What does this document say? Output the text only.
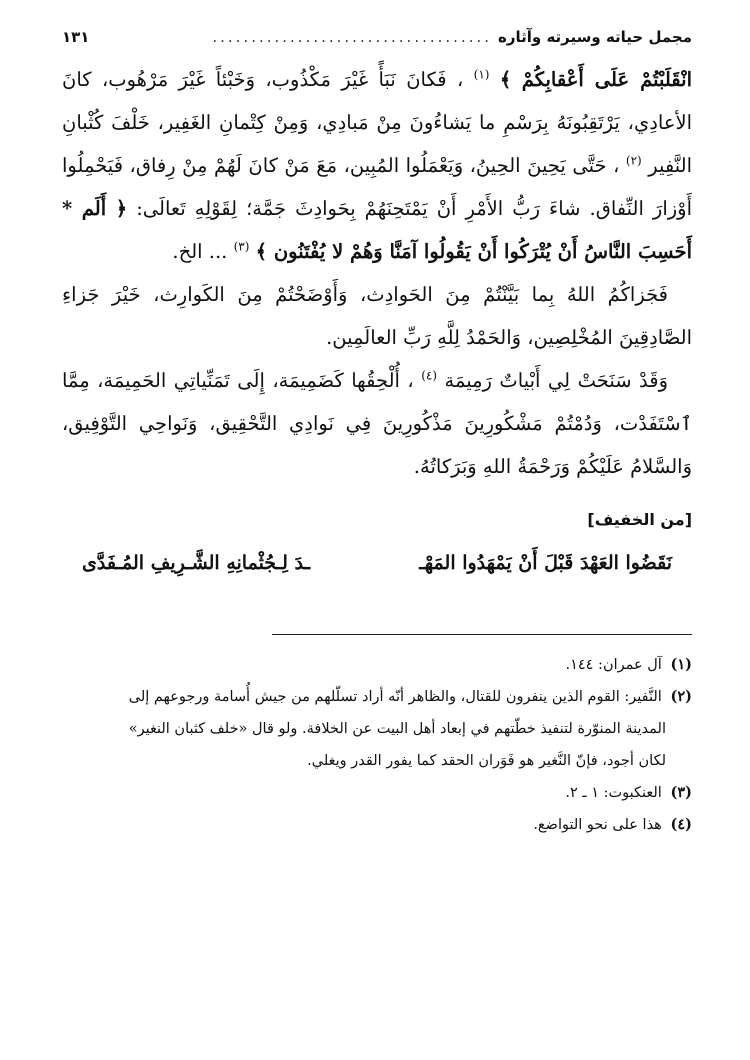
مجمل حياته وسيرته وآثاره
....................................
١٣١

انْقَلَبْتُمْ عَلَى أَعْقابِكُمْ ﴾ $^{(١)}$ ، فَكانَ نَبَأً غَيْرَ مَكْذُوب، وَخَبْئاً غَيْرَ مَرْهُوب، كانَ الأعادِي، يَرْتَقِبُونَهُ بِرَسْمِ ما يَشاءُونَ مِنْ مَبادِي، وَمِنْ كِتْمانِ الغَفِير، خَلْفَ كُثْبانِ النَّفِير $^{(٢)}$ ، حَتَّى يَحِينَ الحِينُ، وَيَعْمَلُوا المُبِين، مَعَ مَنْ كانَ لَهُمْ مِنْ رِفاق، فَيَحْمِلُوا أَوْزارَ النِّفاق. شاءَ رَبُّ الأَمْرِ أَنْ يَمْتَحِنَهُمْ بِحَوادِثَ جَمَّة؛ لِقَوْلِهِ تَعالَى: ﴿ أَلَم * أَحَسِبَ النَّاسُ أَنْ يُتْرَكُوا أَنْ يَقُولُوا آمَنَّا وَهُمْ لا يُفْتَنُون ﴾ $^{(٣)}$ ... الخ.

فَجَزاكُمُ اللهُ بِما بَيَّنْتُمْ مِنَ الحَوادِث، وَأَوْضَحْتُمْ مِنَ الكَوارِث، خَيْرَ جَزاءِ الصَّادِقِينَ المُخْلِصِين، وَالحَمْدُ لِلَّهِ رَبِّ العالَمِين.

وَقَدْ سَنَحَتْ لِي أَبْياتٌ رَمِيمَة $^{(٤)}$ ، أُلْحِقُها كَضَمِيمَة، إِلَى تَمَنِّياتِي الحَمِيمَة، مِمَّا ٱسْتَفَدْت، وَدُمْتُمْ مَشْكُورِينَ مَذْكُورِينَ فِي نَوادِي التَّحْقِيق، وَنَواحِي التَّوْفِيق، وَالسَّلامُ عَلَيْكُمْ وَرَحْمَةُ اللهِ وَبَرَكاتُهُ.

[من الخفيف]
نَقَضُوا العَهْدَ قَبْلَ أَنْ يَمْهَدُوا المَهْـ
ـدَ لِـجُثْمانِهِ الشَّـرِيفِ المُـفَدَّى

(١) آل عمران: ١٤٤.

(٢) النَّفير: القوم الذين ينفرون للقتال، والظاهر أنّه أراد تسلّلهم من جيش أُسامة ورجوعهم إلى

المدينة المنوّرة لتنفيذ خطّتهم في إبعاد أهل البيت عن الخلافة. ولو قال «خلف كثبان النغير»

لكان أجود، فإنّ النَّغير هو فَوَران الحقد كما يفور القدر ويغلي.

(٣) العنكبوت: ١ ـ ٢.

(٤) هذا على نحو التواضع.
